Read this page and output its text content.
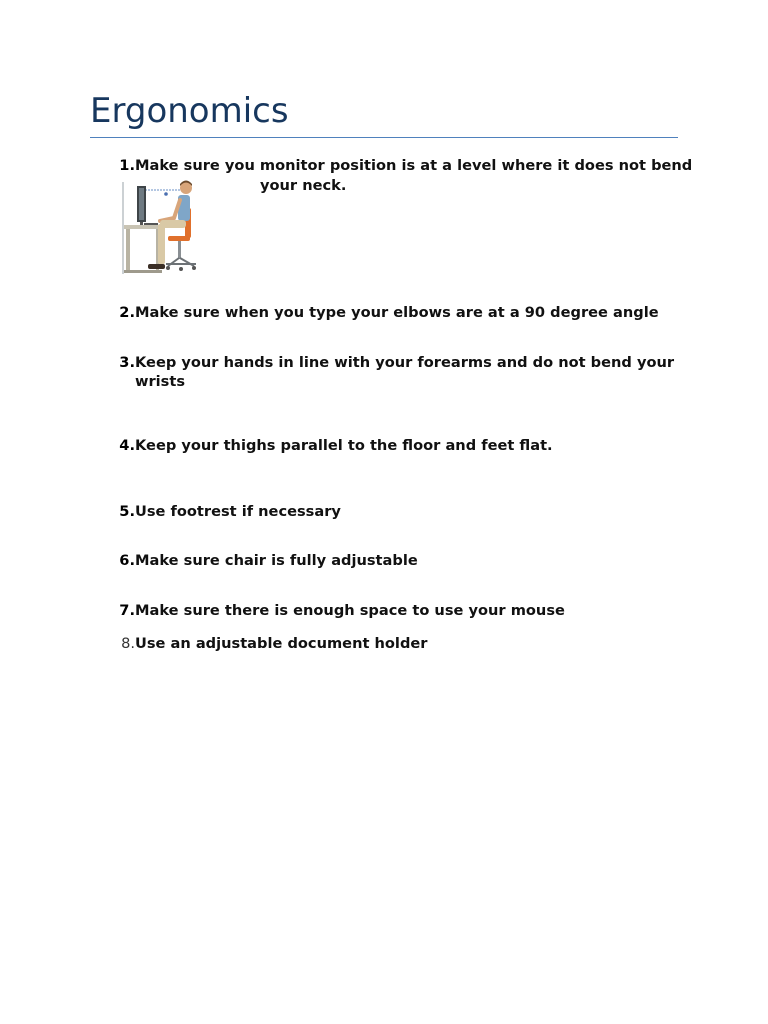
Ergonomics
1. Make sure you monitor position is at a level where it does not bend
your neck.
2. Make sure when you type your elbows are at a 90 degree angle
3. Keep your hands in line with your forearms and do not bend your
wrists
4. Keep your thighs parallel to the floor and feet flat.
5. Use footrest if necessary
6. Make sure chair is fully adjustable
7. Make sure there is enough space to use your mouse
8. Use an adjustable document holder
